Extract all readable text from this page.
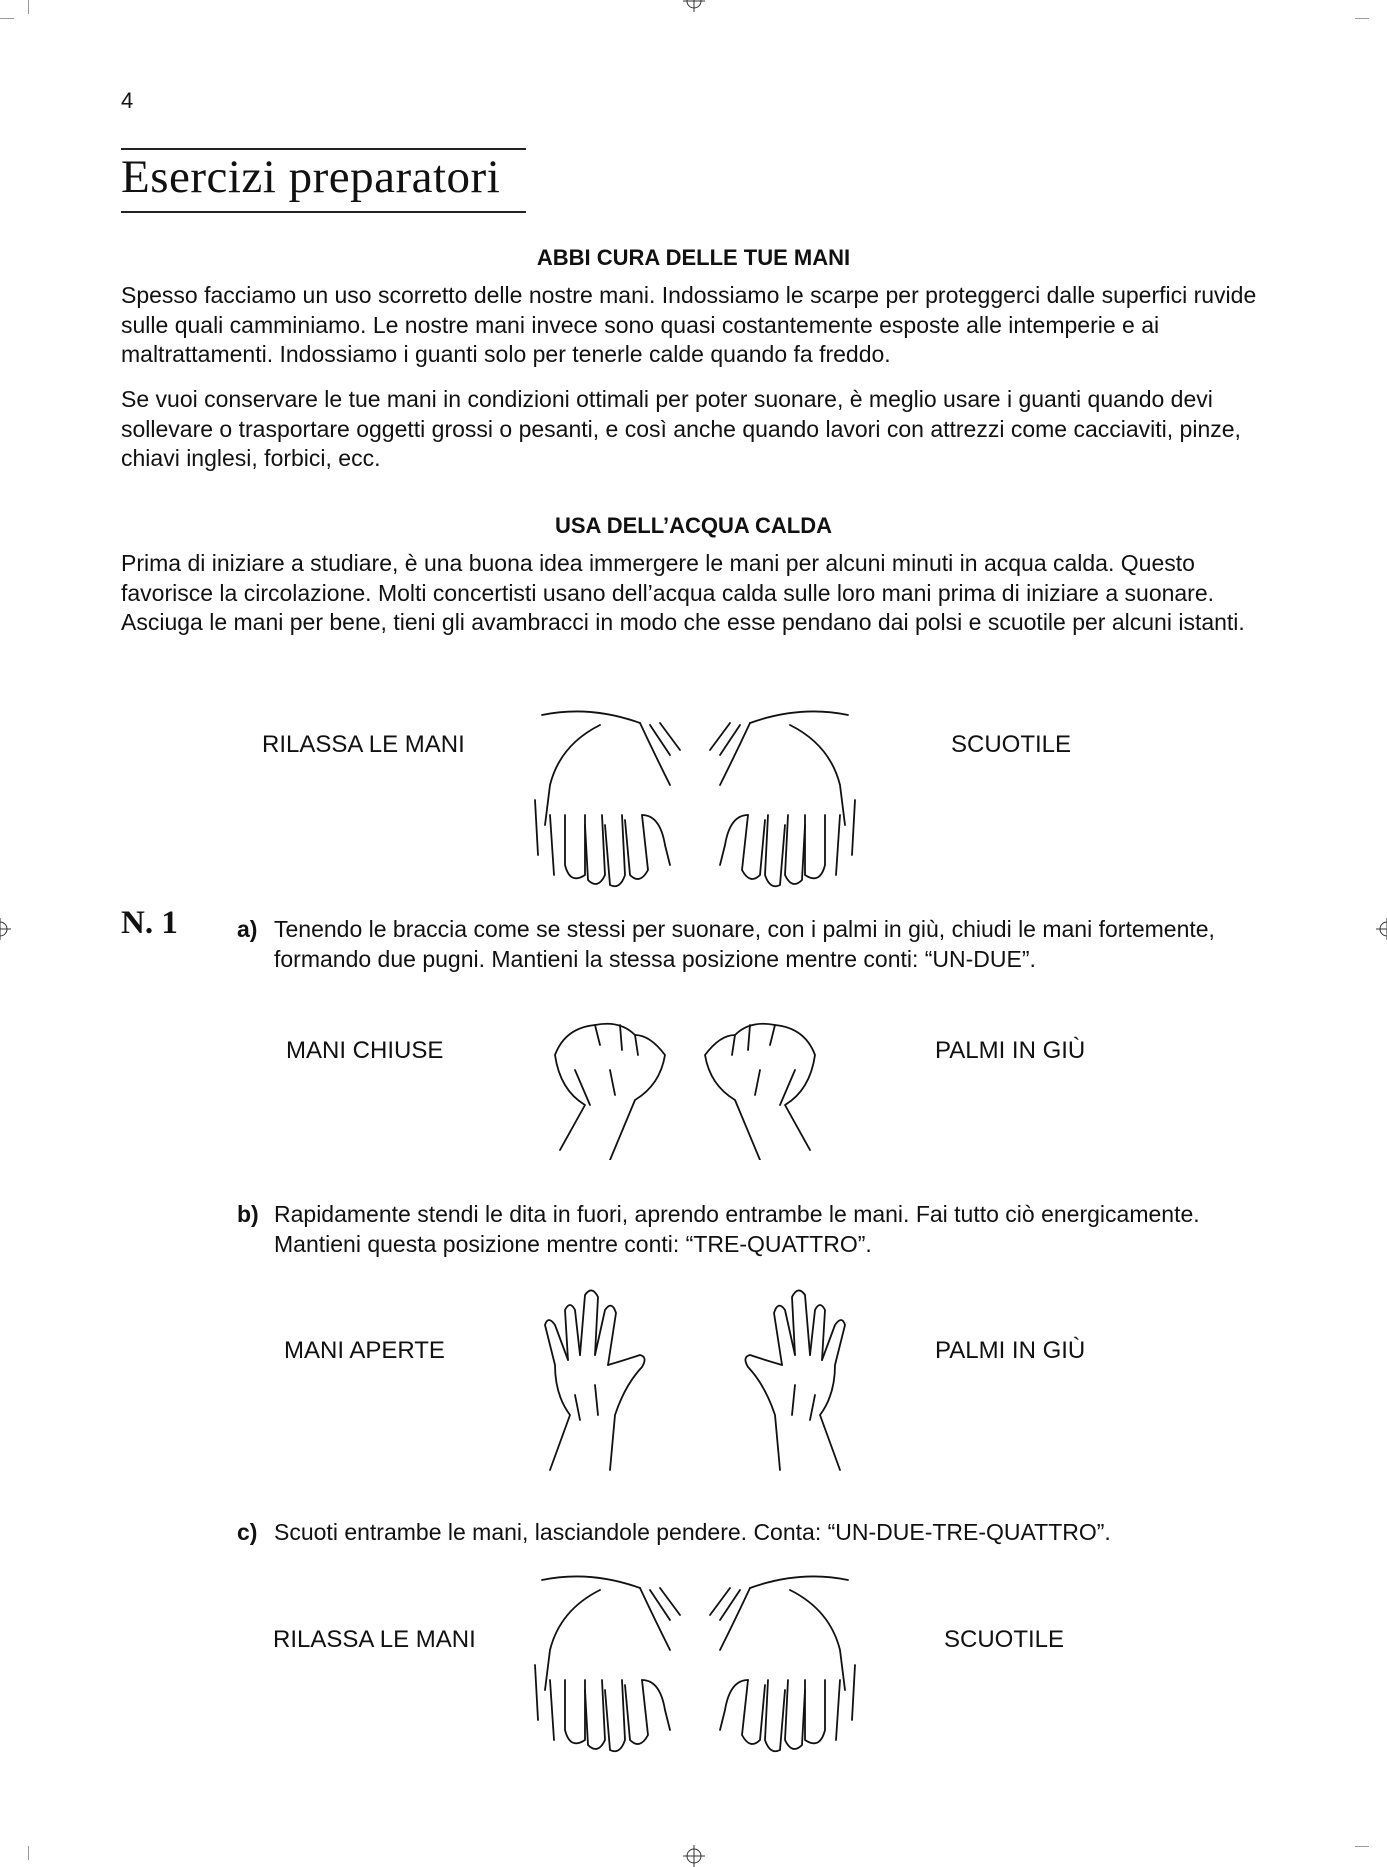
4
Esercizi preparatori
ABBI CURA DELLE TUE MANI
Spesso facciamo un uso scorretto delle nostre mani. Indossiamo le scarpe per proteggerci dalle superfici ruvide sulle quali camminiamo. Le nostre mani invece sono quasi costantemente esposte alle intemperie e ai maltrattamenti. Indossiamo i guanti solo per tenerle calde quando fa freddo.
Se vuoi conservare le tue mani in condizioni ottimali per poter suonare, è meglio usare i guanti quando devi sollevare o trasportare oggetti grossi o pesanti, e così anche quando lavori con attrezzi come cacciaviti, pinze, chiavi inglesi, forbici, ecc.
USA DELL’ACQUA CALDA
Prima di iniziare a studiare, è una buona idea immergere le mani per alcuni minuti in acqua calda. Questo favorisce la circolazione. Molti concertisti usano dell’acqua calda sulle loro mani prima di iniziare a suonare. Asciuga le mani per bene, tieni gli avambracci in modo che esse pendano dai polsi e scuotile per alcuni istanti.
RILASSA LE MANI	SCUOTILE
N. 1	a) Tenendo le braccia come se stessi per suonare, con i palmi in giù, chiudi le mani fortemente, formando due pugni. Mantieni la stessa posizione mentre conti: “UN-DUE”.
MANI CHIUSE	PALMI IN GIÙ
b) Rapidamente stendi le dita in fuori, aprendo entrambe le mani. Fai tutto ciò energicamente. Mantieni questa posizione mentre conti: “TRE-QUATTRO”.
MANI APERTE	PALMI IN GIÙ
c) Scuoti entrambe le mani, lasciandole pendere. Conta: “UN-DUE-TRE-QUATTRO”.
RILASSA LE MANI	SCUOTILE
